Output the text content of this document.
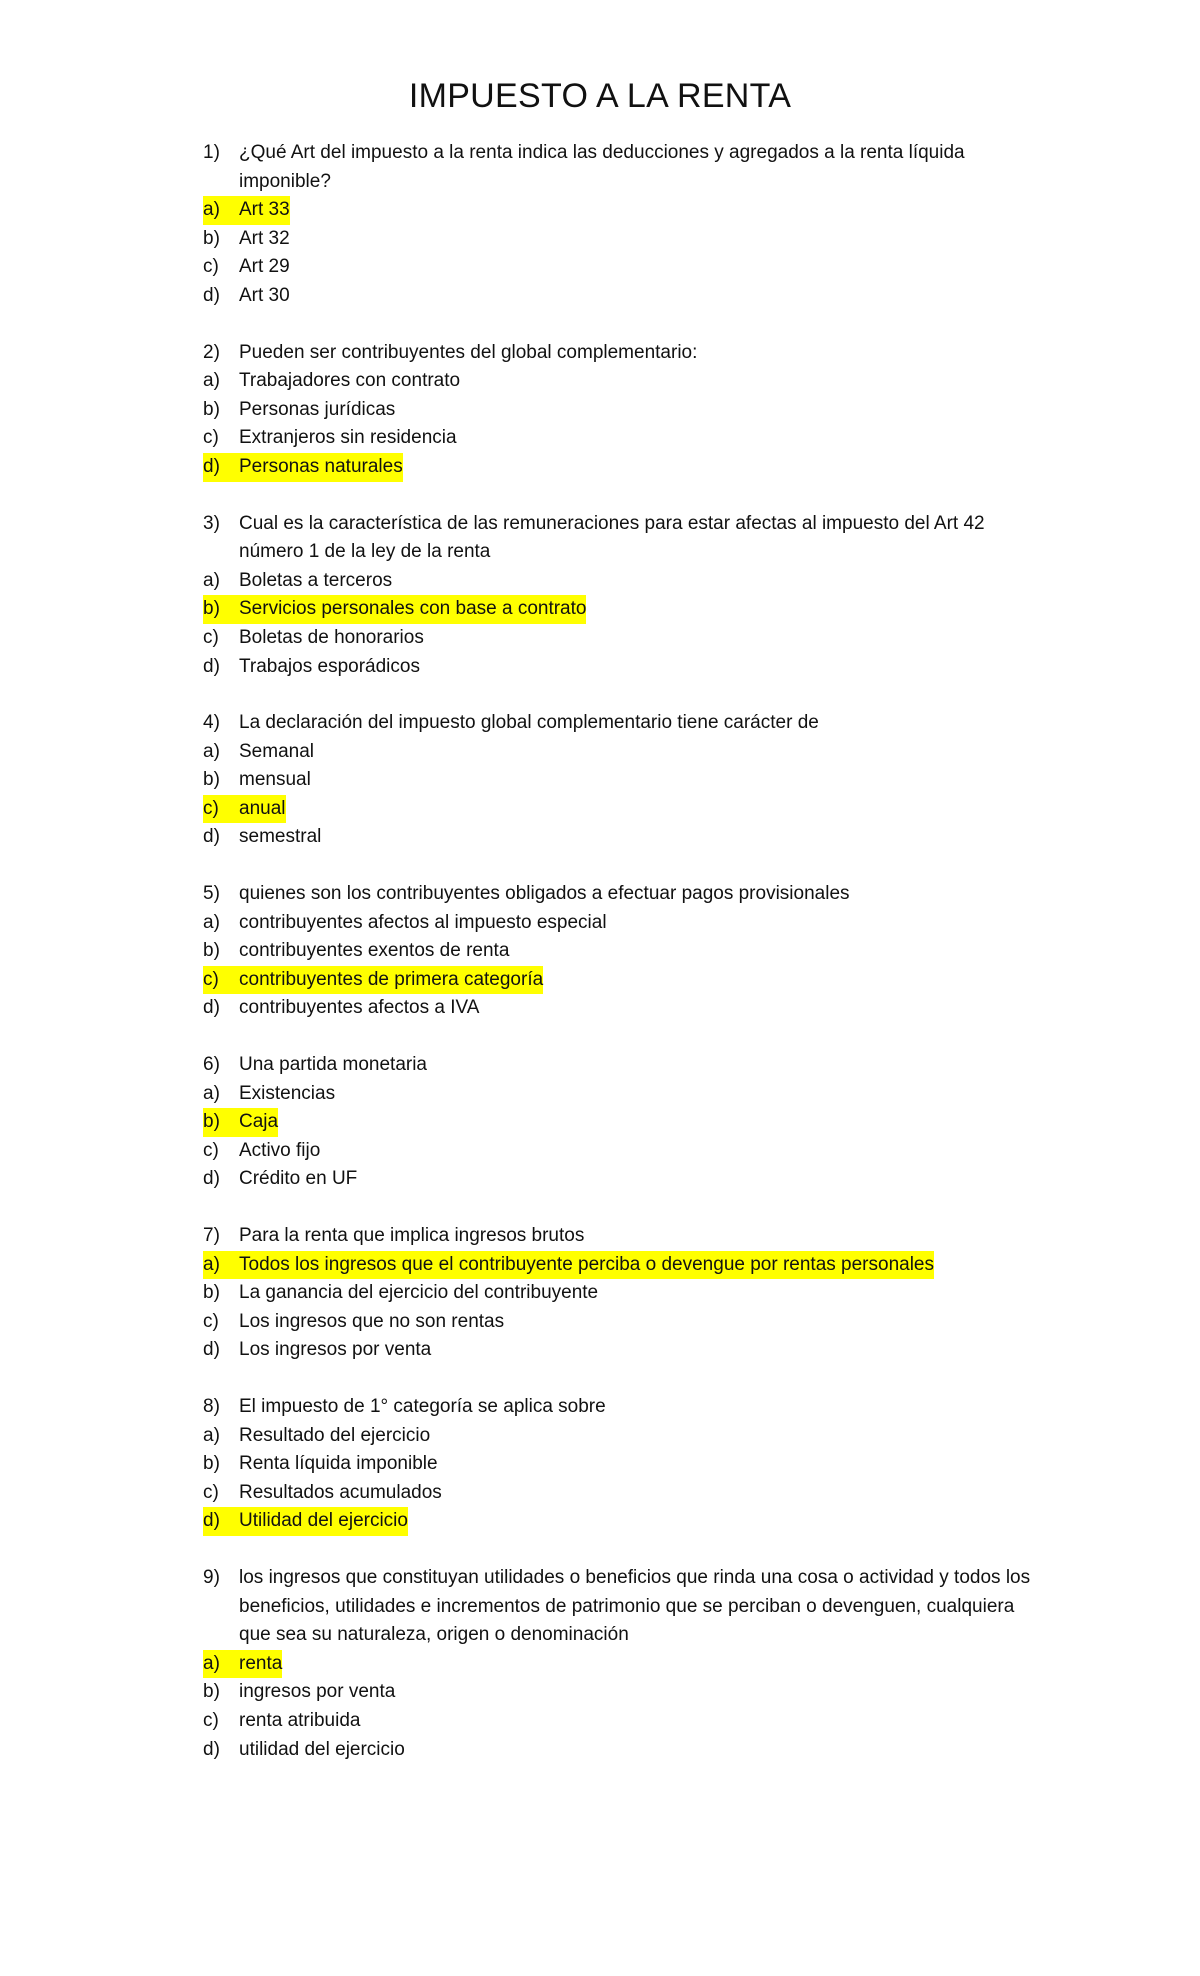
IMPUESTO A LA RENTA
1)	¿Qué Art del impuesto a la renta indica las deducciones y agregados a la renta líquida imponible?
a)	Art 33
b)	Art 32
c)	Art 29
d)	Art 30
2)	Pueden ser contribuyentes del global complementario:
a)	Trabajadores con contrato
b)	Personas jurídicas
c)	Extranjeros sin residencia
d)	Personas naturales
3)	Cual es la característica de las remuneraciones para estar afectas al impuesto del Art 42 número 1 de la ley de la renta
a)	Boletas a terceros
b)	Servicios personales con base a contrato
c)	Boletas de honorarios
d)	Trabajos esporádicos
4)	La declaración del impuesto global complementario tiene carácter de
a)	Semanal
b)	mensual
c)	anual
d)	semestral
5)	quienes son los contribuyentes obligados a efectuar pagos provisionales
a)	contribuyentes afectos al impuesto especial
b)	contribuyentes exentos de renta
c)	contribuyentes de primera categoría
d)	contribuyentes afectos a IVA
6)	Una partida monetaria
a)	Existencias
b)	Caja
c)	Activo fijo
d)	Crédito en UF
7)	Para la renta que implica ingresos brutos
a)	Todos los ingresos que el contribuyente perciba o devengue por rentas personales
b)	La ganancia del ejercicio del contribuyente
c)	Los ingresos que no son rentas
d)	Los ingresos por venta
8)	El impuesto de 1° categoría se aplica sobre
a)	Resultado del ejercicio
b)	Renta líquida imponible
c)	Resultados acumulados
d)	Utilidad del ejercicio
9)	los ingresos que constituyan utilidades o beneficios que rinda una cosa o actividad y todos los beneficios, utilidades e incrementos de patrimonio que se perciban o devenguen, cualquiera que sea su naturaleza, origen o denominación
a)	renta
b)	ingresos por venta
c)	renta atribuida
d)	utilidad del ejercicio
